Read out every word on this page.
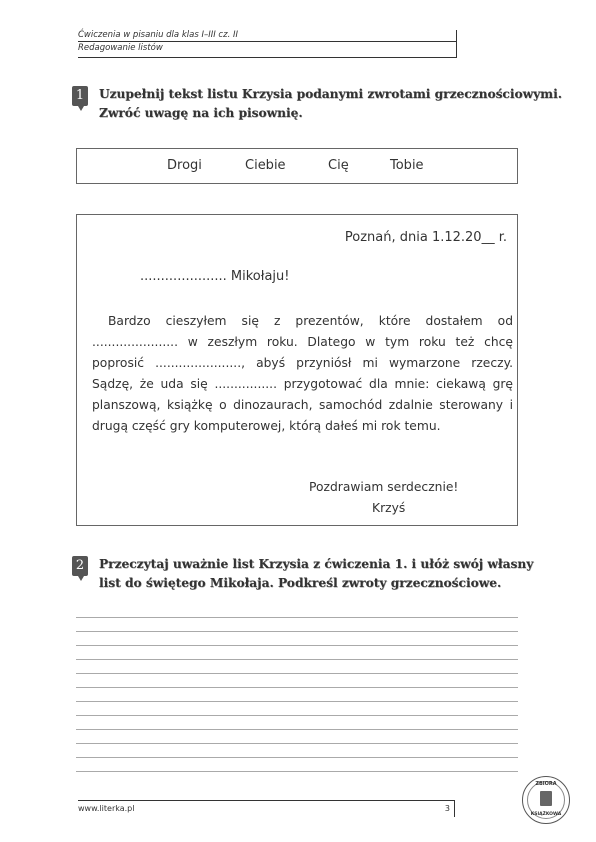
Ćwiczenia w pisaniu dla klas I–III cz. II
Redagowanie listów
1	Uzupełnij tekst listu Krzysia podanymi zwrotami grzecznościowymi.
Zwróć uwagę na ich pisownię.
Drogi	Ciebie	Cię	Tobie
Poznań, dnia 1.12.20__ r.
..................... Mikołaju!

Bardzo cieszyłem się z prezentów, które dostałem od ...................... w zeszłym roku. Dlatego w tym roku też chcę poprosić ......................, abyś przyniósł mi wymarzone rzeczy. Sądzę, że uda się ................ przygotować dla mnie: ciekawą grę planszową, książkę o dinozaurach, samochód zdalnie sterowany i drugą część gry komputerowej, którą dałeś mi rok temu.

Pozdrawiam serdecznie!
Krzyś
2	Przeczytaj uważnie list Krzysia z ćwiczenia 1. i ułóż swój własny
list do świętego Mikołaja. Podkreśl zwroty grzecznościowe.
www.literka.pl	3
ZBIORA
KSIĄŻKOWA
